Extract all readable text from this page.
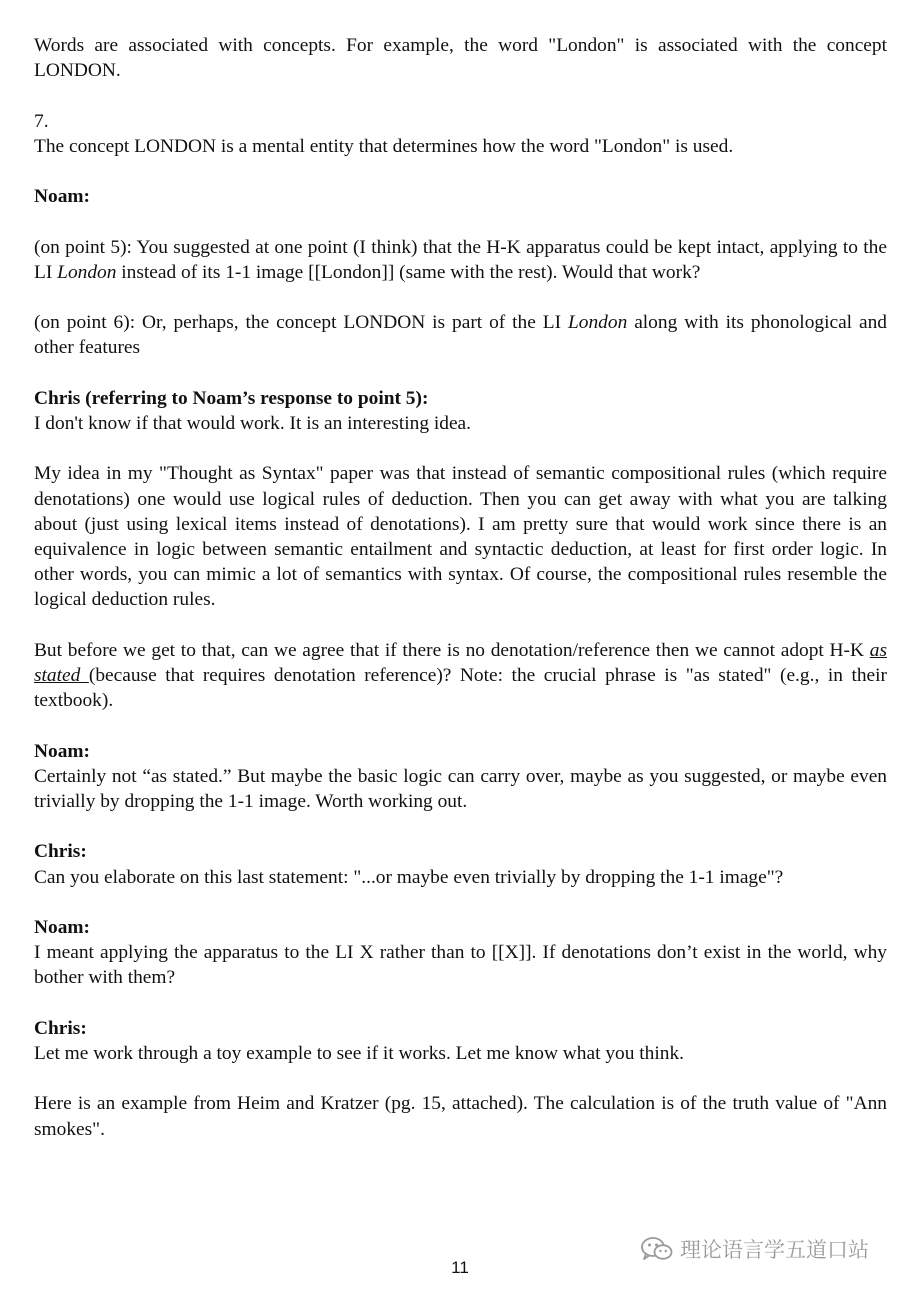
Words are associated with concepts. For example, the word "London" is associated with the concept LONDON.

7.

The concept LONDON is a mental entity that determines how the word "London" is used.

Noam:

(on point 5): You suggested at one point (I think) that the H-K apparatus could be kept intact, applying to the LI London instead of its 1-1 image [[London]] (same with the rest). Would that work?

(on point 6): Or, perhaps, the concept LONDON is part of the LI London along with its phonological and other features

Chris (referring to Noam’s response to point 5):

I don't know if that would work. It is an interesting idea.

My idea in my "Thought as Syntax" paper was that instead of semantic compositional rules (which require denotations) one would use logical rules of deduction. Then you can get away with what you are talking about (just using lexical items instead of denotations). I am pretty sure that would work since there is an equivalence in logic between semantic entailment and syntactic deduction, at least for first order logic. In other words, you can mimic a lot of semantics with syntax. Of course, the compositional rules resemble the logical deduction rules.

But before we get to that, can we agree that if there is no denotation/reference then we cannot adopt H-K as stated (because that requires denotation reference)? Note: the crucial phrase is "as stated" (e.g., in their textbook).

Noam:

Certainly not “as stated.” But maybe the basic logic can carry over, maybe as you suggested, or maybe even trivially by dropping the 1-1 image. Worth working out.

Chris:

Can you elaborate on this last statement: "...or maybe even trivially by dropping the 1-1 image"?

Noam:

I meant applying the apparatus to the LI X rather than to [[X]]. If denotations don’t exist in the world, why bother with them?

Chris:

Let me work through a toy example to see if it works. Let me know what you think.

Here is an example from Heim and Kratzer (pg. 15, attached). The calculation is of the truth value of "Ann smokes".

理论语言学五道口站
11
